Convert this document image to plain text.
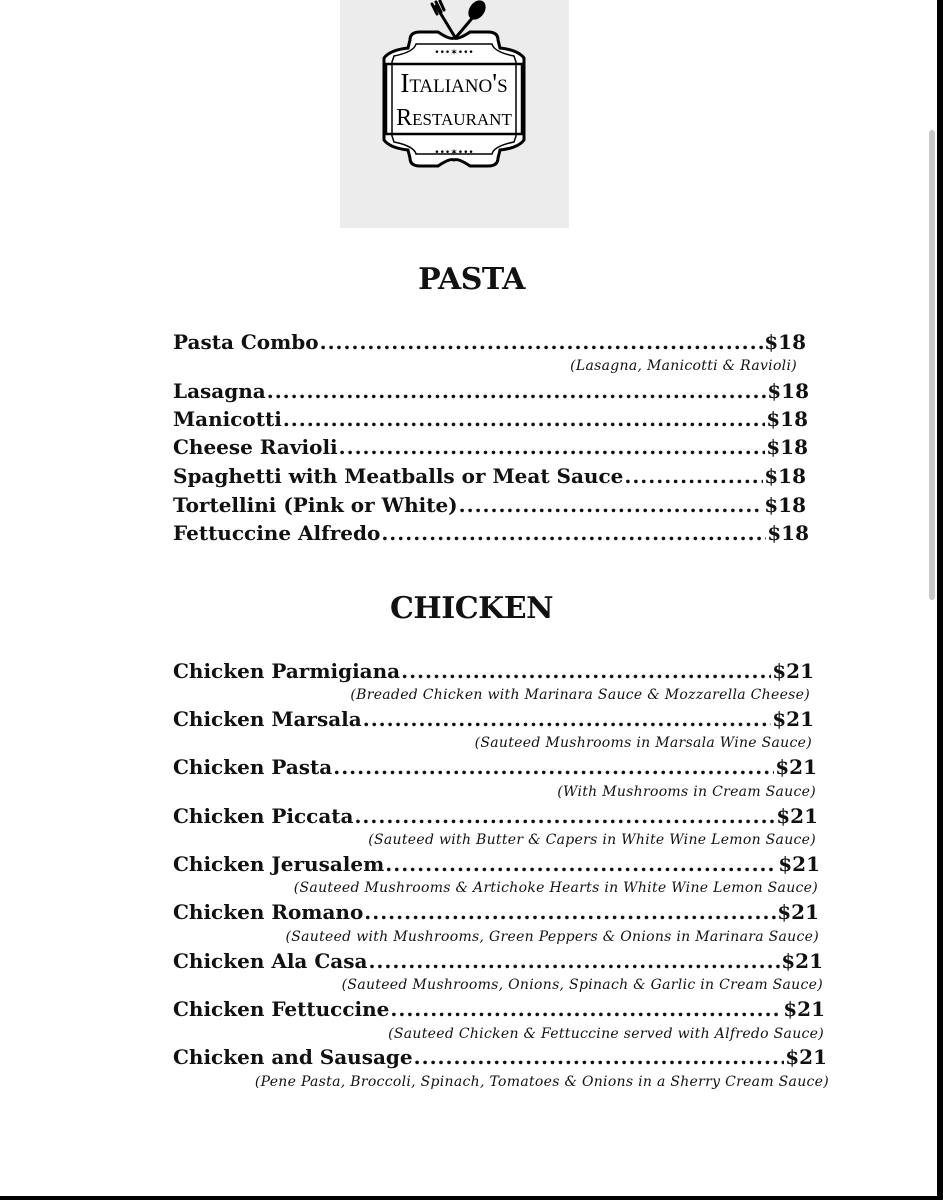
•••✶•••
•••✶•••
Italiano's
Restaurant
PASTA
Pasta Combo .....	$18
(Lasagna, Manicotti & Ravioli)
Lasagna .....	$18
Manicotti .....	$18
Cheese Ravioli .....	$18
Spaghetti with Meatballs or Meat Sauce .....	$18
Tortellini (Pink or White) .....	$18
Fettuccine Alfredo .....	$18
CHICKEN
Chicken Parmigiana .....	$21
(Breaded Chicken with Marinara Sauce & Mozzarella Cheese)
Chicken Marsala .....	$21
(Sauteed Mushrooms in Marsala Wine Sauce)
Chicken Pasta .....	$21
(With Mushrooms in Cream Sauce)
Chicken Piccata .....	$21
(Sauteed with Butter & Capers in White Wine Lemon Sauce)
Chicken Jerusalem .....	$21
(Sauteed Mushrooms & Artichoke Hearts in White Wine Lemon Sauce)
Chicken Romano .....	$21
(Sauteed with Mushrooms, Green Peppers & Onions in Marinara Sauce)
Chicken Ala Casa .....	$21
(Sauteed Mushrooms, Onions, Spinach & Garlic in Cream Sauce)
Chicken Fettuccine .....	$21
(Sauteed Chicken & Fettuccine served with Alfredo Sauce)
Chicken and Sausage .....	$21
(Pene Pasta, Broccoli, Spinach, Tomatoes & Onions in a Sherry Cream Sauce)
